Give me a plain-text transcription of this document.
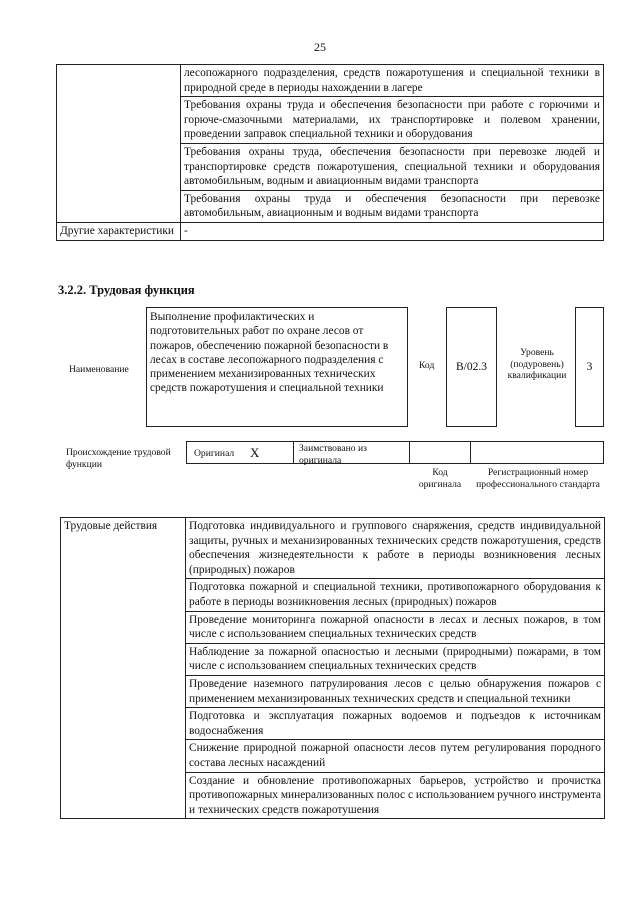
25
	лесопожарного подразделения, средств пожаротушения и специальной техники в природной среде в периоды нахождении в лагере
	Требования охраны труда и обеспечения безопасности при работе с горючими и горюче-смазочными материалами, их транспортировке и полевом хранении, проведении заправок специальной техники и оборудования
	Требования охраны труда, обеспечения безопасности при перевозке людей и транспортировке средств пожаротушения, специальной техники и оборудования автомобильным, водным и авиационным видами транспорта
	Требования охраны труда и обеспечения безопасности при перевозке автомобильным, авиационным и водным видами транспорта
Другие характеристики	-
3.2.2. Трудовая функция
Наименование
Выполнение профилактических и подготовительных работ по охране лесов от пожаров, обеспечению пожарной безопасности в лесах в составе лесопожарного подразделения с применением механизированных технических средств пожаротушения и специальной техники
Код	B/02.3
Уровень (подуровень) квалификации
3
Происхождение трудовой функции
Оригинал X	Заимствовано из оригинала
Код оригинала
Регистрационный номер профессионального стандарта
Трудовые действия	Подготовка индивидуального и группового снаряжения, средств индивидуальной защиты, ручных и механизированных технических средств пожаротушения, средств обеспечения жизнедеятельности к работе в периоды возникновения лесных (природных) пожаров
Подготовка пожарной и специальной техники, противопожарного оборудования к работе в периоды возникновения лесных (природных) пожаров
Проведение мониторинга пожарной опасности в лесах и лесных пожаров, в том числе с использованием специальных технических средств
Наблюдение за пожарной опасностью и лесными (природными) пожарами, в том числе с использованием специальных технических средств
Проведение наземного патрулирования лесов с целью обнаружения пожаров с применением механизированных технических средств и специальной техники
Подготовка и эксплуатация пожарных водоемов и подъездов к источникам водоснабжения
Снижение природной пожарной опасности лесов путем регулирования породного состава лесных насаждений
Создание и обновление противопожарных барьеров, устройство и прочистка противопожарных минерализованных полос с использованием ручного инструмента и технических средств пожаротушения
